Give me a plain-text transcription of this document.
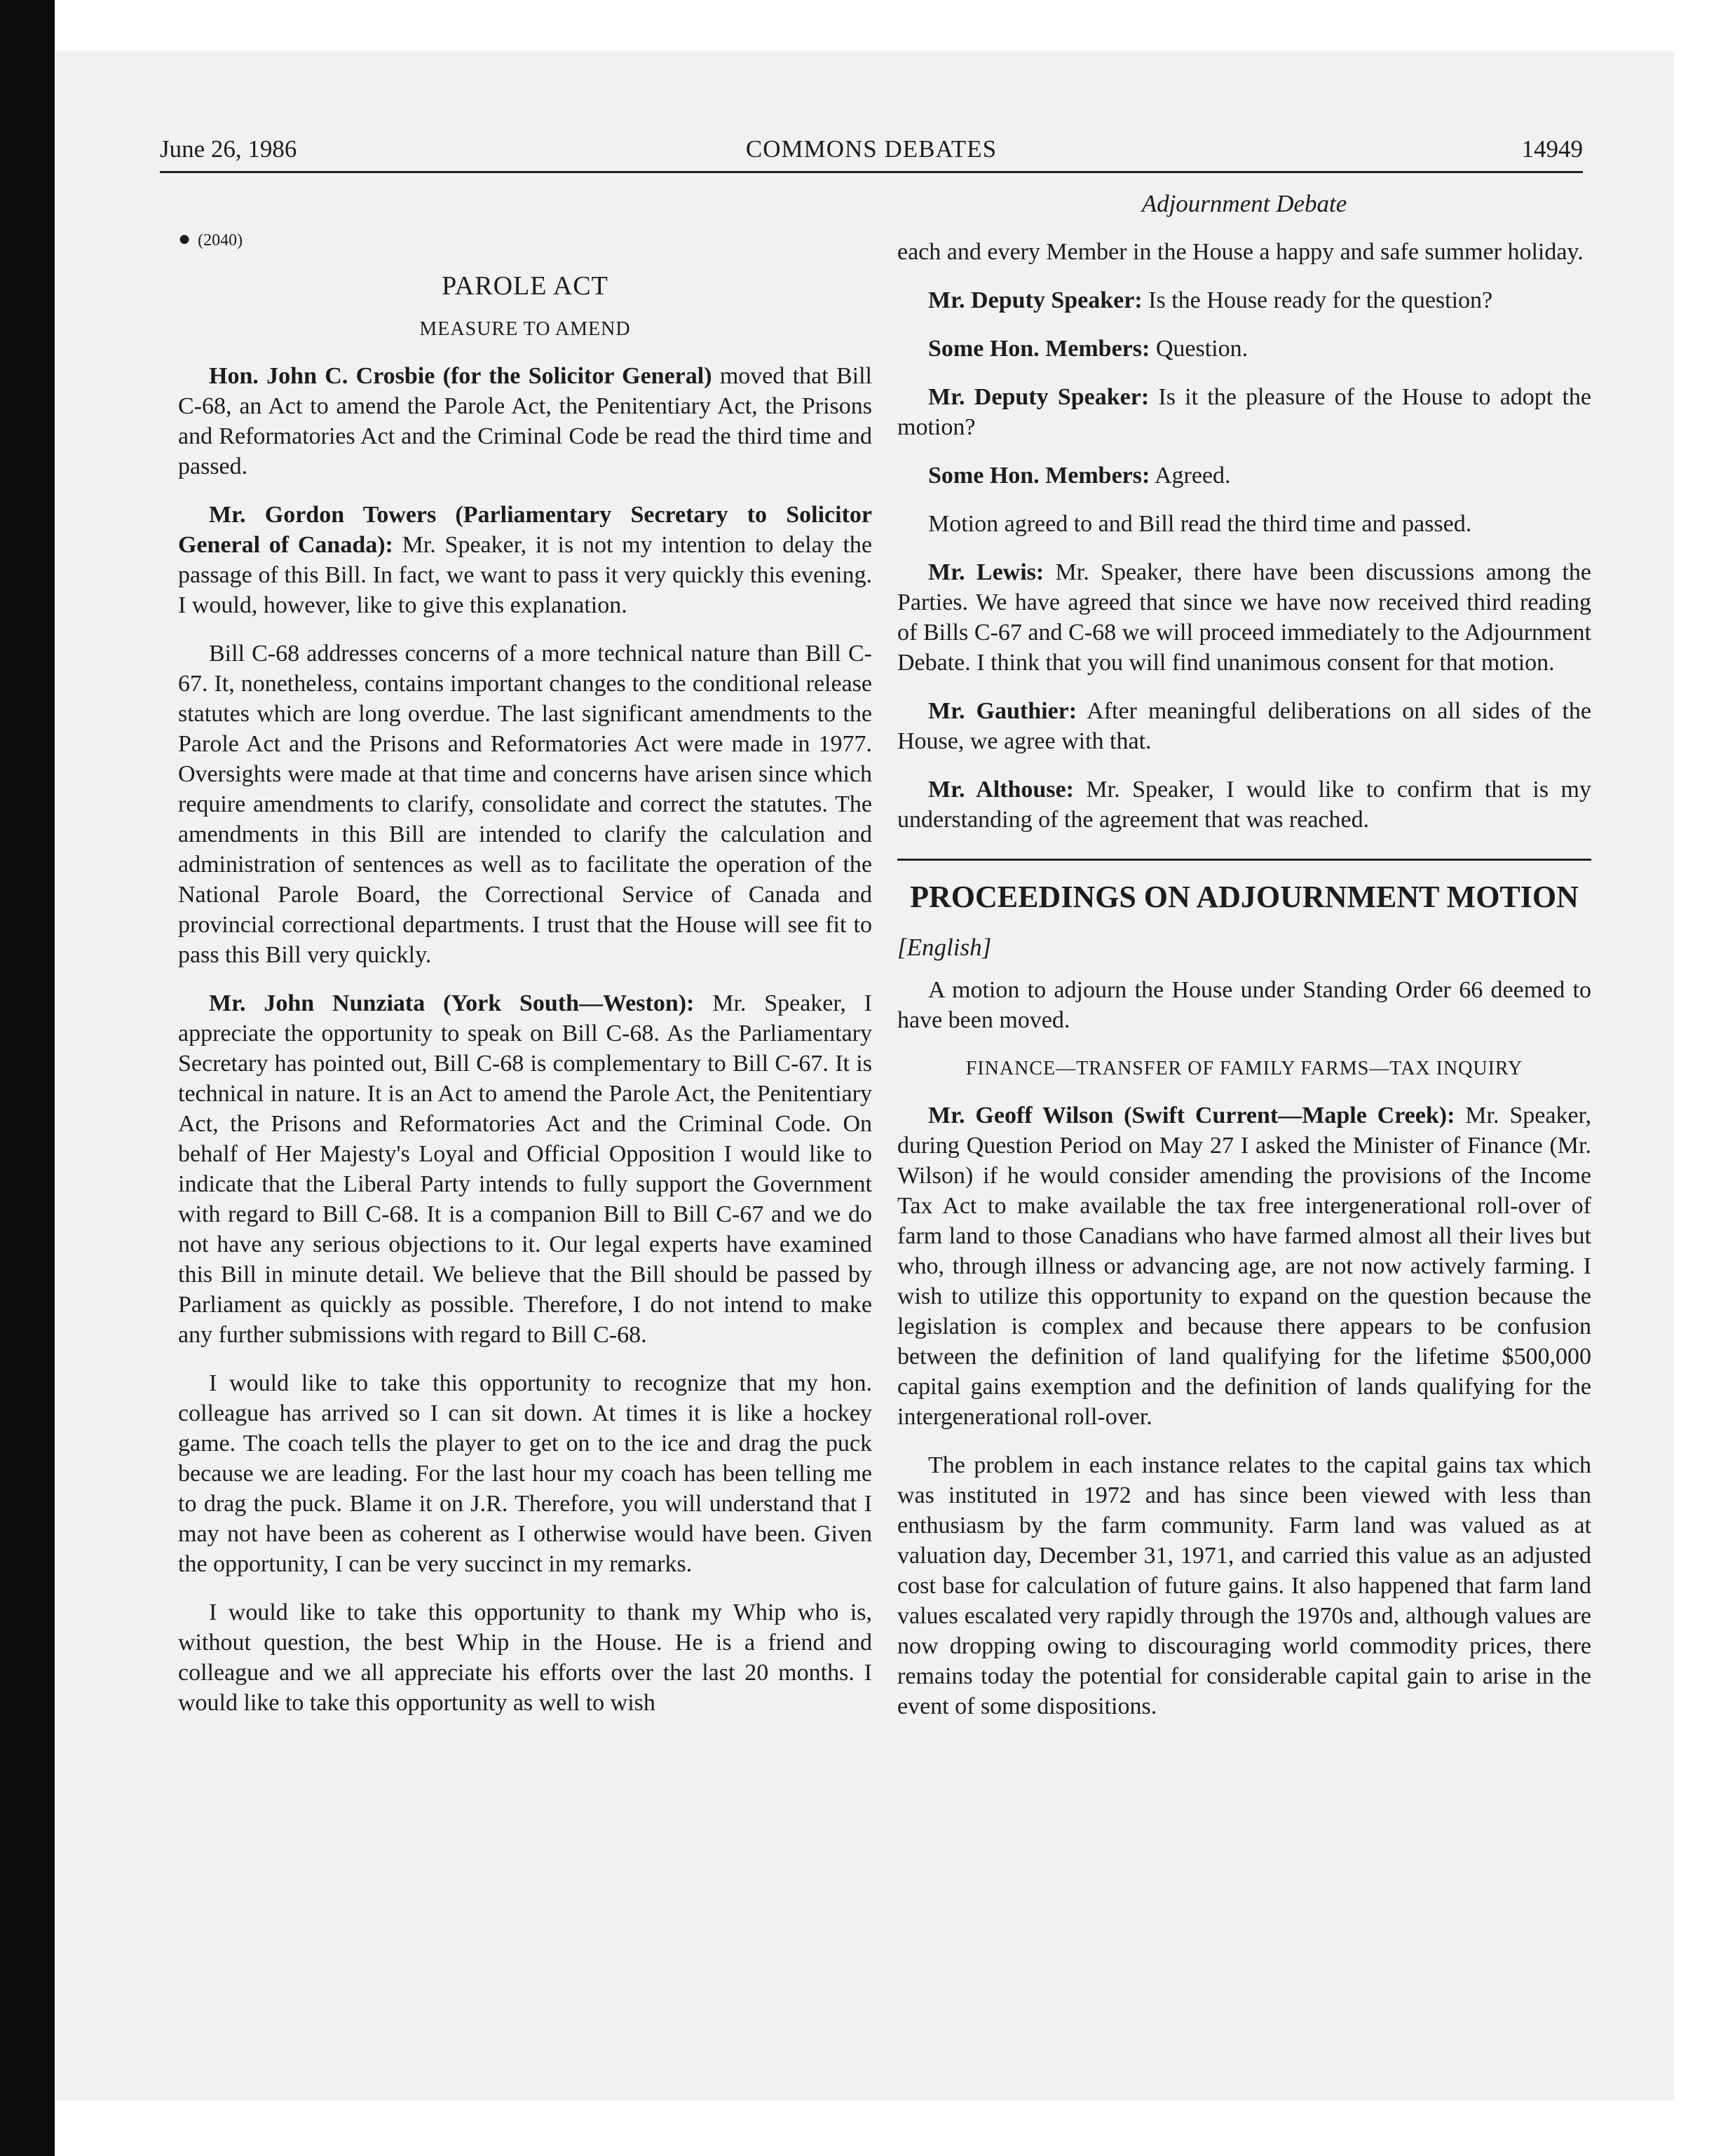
June 26, 1986	COMMONS DEBATES	14949
● (2040)
PAROLE ACT
MEASURE TO AMEND

Hon. John C. Crosbie (for the Solicitor General) moved that Bill C-68, an Act to amend the Parole Act, the Penitentiary Act, the Prisons and Reformatories Act and the Criminal Code be read the third time and passed.

Mr. Gordon Towers (Parliamentary Secretary to Solicitor General of Canada): Mr. Speaker, it is not my intention to delay the passage of this Bill. In fact, we want to pass it very quickly this evening. I would, however, like to give this explanation.

Bill C-68 addresses concerns of a more technical nature than Bill C-67. It, nonetheless, contains important changes to the conditional release statutes which are long overdue. The last significant amendments to the Parole Act and the Prisons and Reformatories Act were made in 1977. Oversights were made at that time and concerns have arisen since which require amendments to clarify, consolidate and correct the statutes. The amendments in this Bill are intended to clarify the calculation and administration of sentences as well as to facilitate the operation of the National Parole Board, the Correctional Service of Canada and provincial correctional departments. I trust that the House will see fit to pass this Bill very quickly.

Mr. John Nunziata (York South—Weston): Mr. Speaker, I appreciate the opportunity to speak on Bill C-68. As the Parliamentary Secretary has pointed out, Bill C-68 is complementary to Bill C-67. It is technical in nature. It is an Act to amend the Parole Act, the Penitentiary Act, the Prisons and Reformatories Act and the Criminal Code. On behalf of Her Majesty's Loyal and Official Opposition I would like to indicate that the Liberal Party intends to fully support the Government with regard to Bill C-68. It is a companion Bill to Bill C-67 and we do not have any serious objections to it. Our legal experts have examined this Bill in minute detail. We believe that the Bill should be passed by Parliament as quickly as possible. Therefore, I do not intend to make any further submissions with regard to Bill C-68.

I would like to take this opportunity to recognize that my hon. colleague has arrived so I can sit down. At times it is like a hockey game. The coach tells the player to get on to the ice and drag the puck because we are leading. For the last hour my coach has been telling me to drag the puck. Blame it on J.R. Therefore, you will understand that I may not have been as coherent as I otherwise would have been. Given the opportunity, I can be very succinct in my remarks.

I would like to take this opportunity to thank my Whip who is, without question, the best Whip in the House. He is a friend and colleague and we all appreciate his efforts over the last 20 months. I would like to take this opportunity as well to wish

Adjournment Debate

each and every Member in the House a happy and safe summer holiday.

Mr. Deputy Speaker: Is the House ready for the question?

Some Hon. Members: Question.

Mr. Deputy Speaker: Is it the pleasure of the House to adopt the motion?

Some Hon. Members: Agreed.

Motion agreed to and Bill read the third time and passed.

Mr. Lewis: Mr. Speaker, there have been discussions among the Parties. We have agreed that since we have now received third reading of Bills C-67 and C-68 we will proceed immediately to the Adjournment Debate. I think that you will find unanimous consent for that motion.

Mr. Gauthier: After meaningful deliberations on all sides of the House, we agree with that.

Mr. Althouse: Mr. Speaker, I would like to confirm that is my understanding of the agreement that was reached.

PROCEEDINGS ON ADJOURNMENT MOTION
[English]

A motion to adjourn the House under Standing Order 66 deemed to have been moved.

FINANCE—TRANSFER OF FAMILY FARMS—TAX INQUIRY

Mr. Geoff Wilson (Swift Current—Maple Creek): Mr. Speaker, during Question Period on May 27 I asked the Minister of Finance (Mr. Wilson) if he would consider amending the provisions of the Income Tax Act to make available the tax free intergenerational roll-over of farm land to those Canadians who have farmed almost all their lives but who, through illness or advancing age, are not now actively farming. I wish to utilize this opportunity to expand on the question because the legislation is complex and because there appears to be confusion between the definition of land qualifying for the lifetime $500,000 capital gains exemption and the definition of lands qualifying for the intergenerational roll-over.

The problem in each instance relates to the capital gains tax which was instituted in 1972 and has since been viewed with less than enthusiasm by the farm community. Farm land was valued as at valuation day, December 31, 1971, and carried this value as an adjusted cost base for calculation of future gains. It also happened that farm land values escalated very rapidly through the 1970s and, although values are now dropping owing to discouraging world commodity prices, there remains today the potential for considerable capital gain to arise in the event of some dispositions.
